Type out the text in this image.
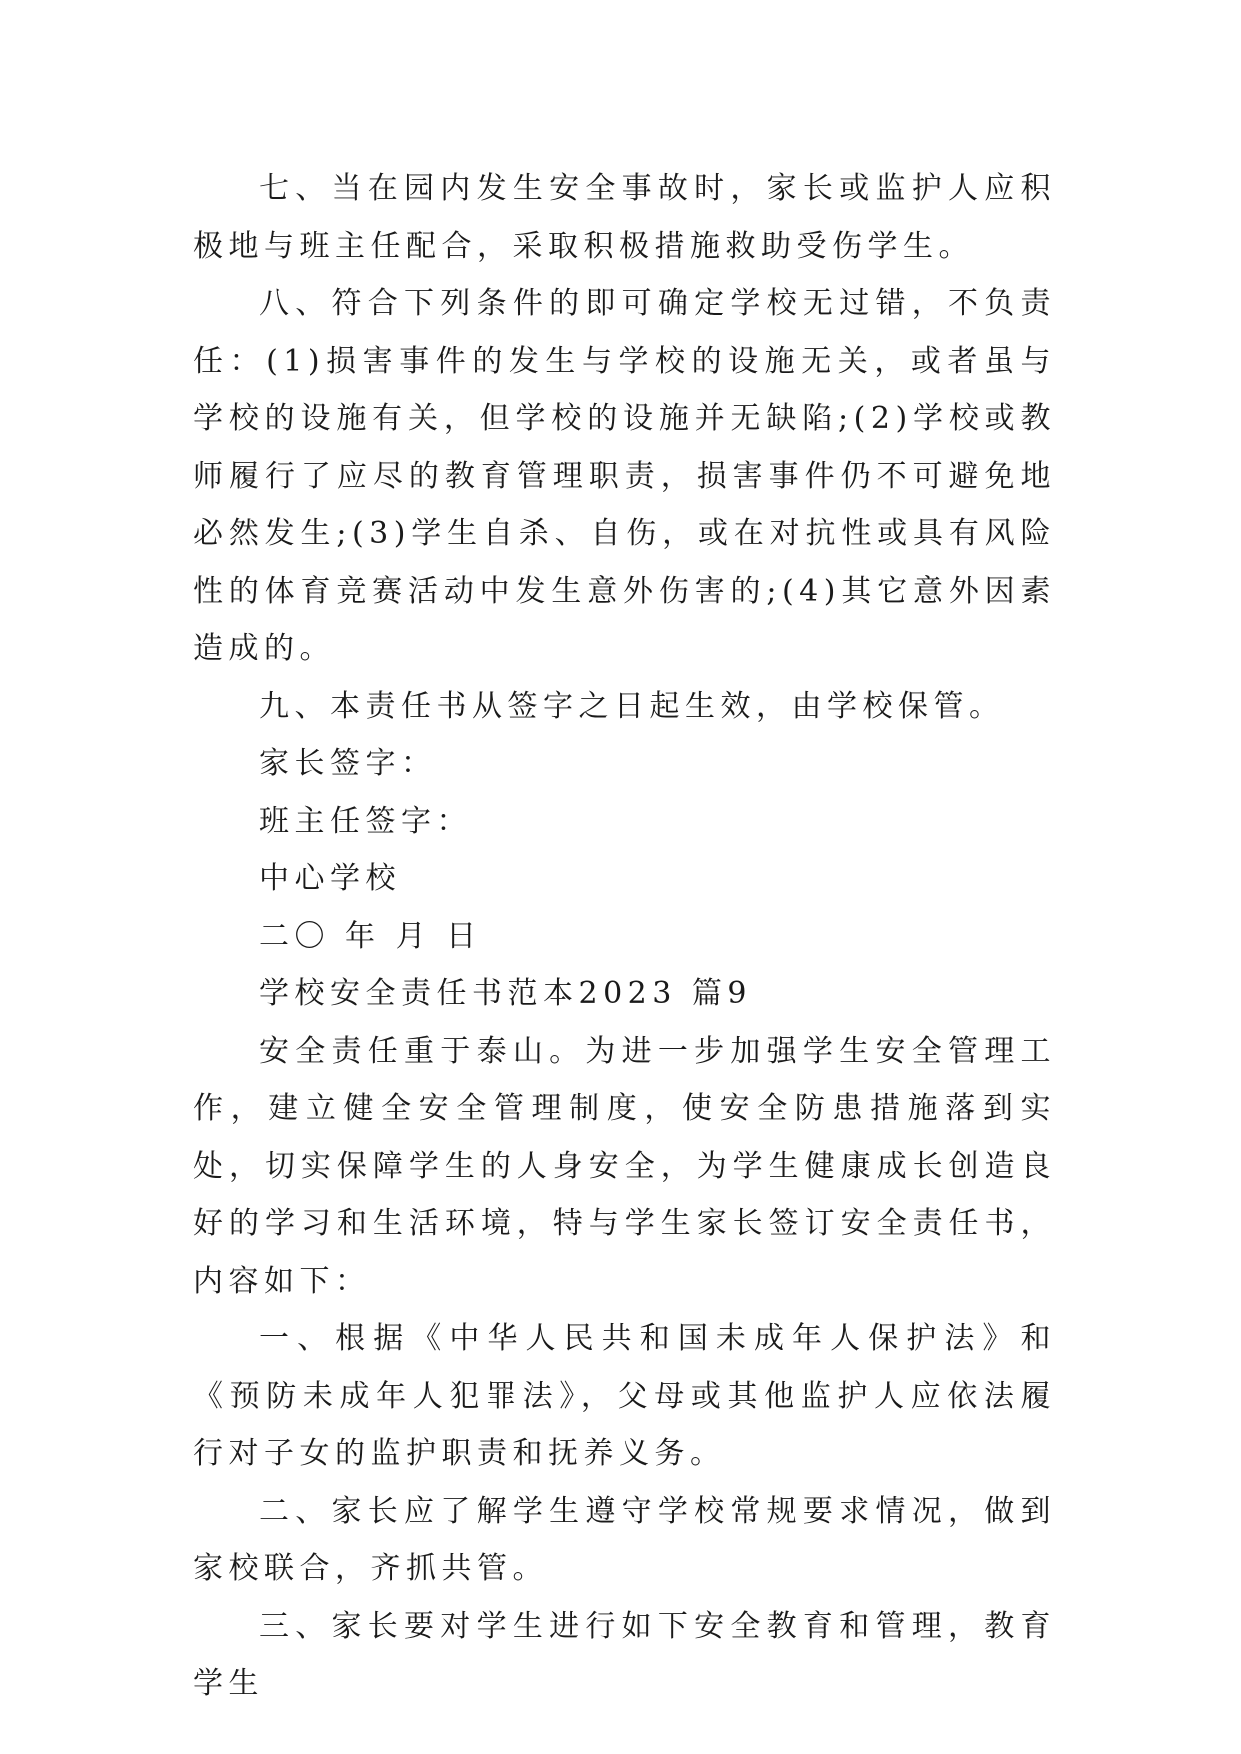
七、当在园内发生安全事故时，家长或监护人应积极地与班主任配合，采取积极措施救助受伤学生。

八、符合下列条件的即可确定学校无过错，不负责任：(1)损害事件的发生与学校的设施无关，或者虽与学校的设施有关，但学校的设施并无缺陷;(2)学校或教师履行了应尽的教育管理职责，损害事件仍不可避免地必然发生;(3)学生自杀、自伤，或在对抗性或具有风险性的体育竞赛活动中发生意外伤害的;(4)其它意外因素造成的。

九、本责任书从签字之日起生效，由学校保管。

家长签字：

班主任签字：

中心学校

二〇 年 月 日

学校安全责任书范本2023 篇9

安全责任重于泰山。为进一步加强学生安全管理工作，建立健全安全管理制度，使安全防患措施落到实处，切实保障学生的人身安全，为学生健康成长创造良好的学习和生活环境，特与学生家长签订安全责任书，内容如下：

一、根据《中华人民共和国未成年人保护法》和《预防未成年人犯罪法》，父母或其他监护人应依法履行对子女的监护职责和抚养义务。

二、家长应了解学生遵守学校常规要求情况，做到家校联合，齐抓共管。

三、家长要对学生进行如下安全教育和管理，教育学生
